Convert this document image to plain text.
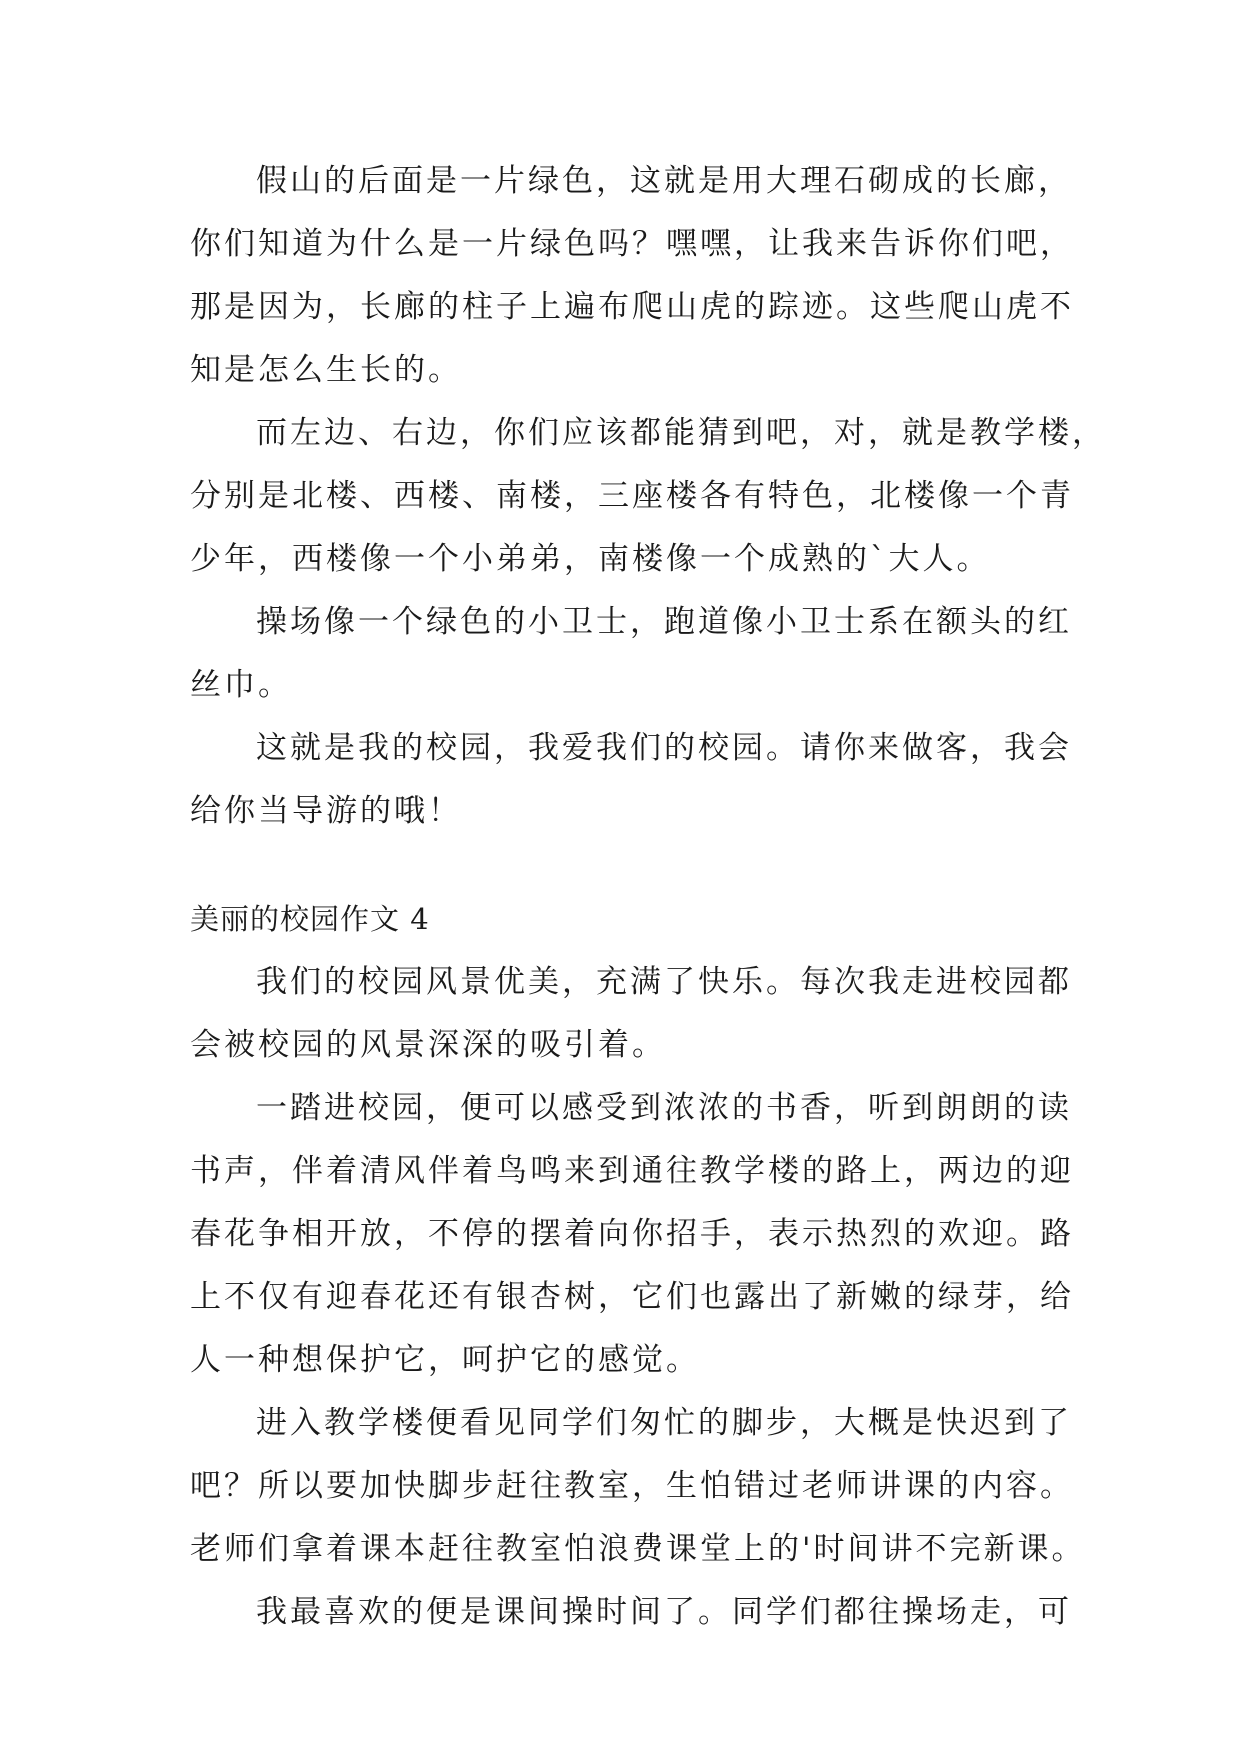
假山的后面是一片绿色，这就是用大理石砌成的长廊，
你们知道为什么是一片绿色吗？嘿嘿，让我来告诉你们吧，
那是因为，长廊的柱子上遍布爬山虎的踪迹。这些爬山虎不
知是怎么生长的。
而左边、右边，你们应该都能猜到吧，对，就是教学楼，
分别是北楼、西楼、南楼，三座楼各有特色，北楼像一个青
少年，西楼像一个小弟弟，南楼像一个成熟的`大人。
操场像一个绿色的小卫士，跑道像小卫士系在额头的红
丝巾。
这就是我的校园，我爱我们的校园。请你来做客，我会
给你当导游的哦！
美丽的校园作文 4
我们的校园风景优美，充满了快乐。每次我走进校园都
会被校园的风景深深的吸引着。
一踏进校园，便可以感受到浓浓的书香，听到朗朗的读
书声，伴着清风伴着鸟鸣来到通往教学楼的路上，两边的迎
春花争相开放，不停的摆着向你招手，表示热烈的欢迎。路
上不仅有迎春花还有银杏树，它们也露出了新嫩的绿芽，给
人一种想保护它，呵护它的感觉。
进入教学楼便看见同学们匆忙的脚步，大概是快迟到了
吧？所以要加快脚步赶往教室，生怕错过老师讲课的内容。
老师们拿着课本赶往教室怕浪费课堂上的'时间讲不完新课。
我最喜欢的便是课间操时间了。同学们都往操场走，可
